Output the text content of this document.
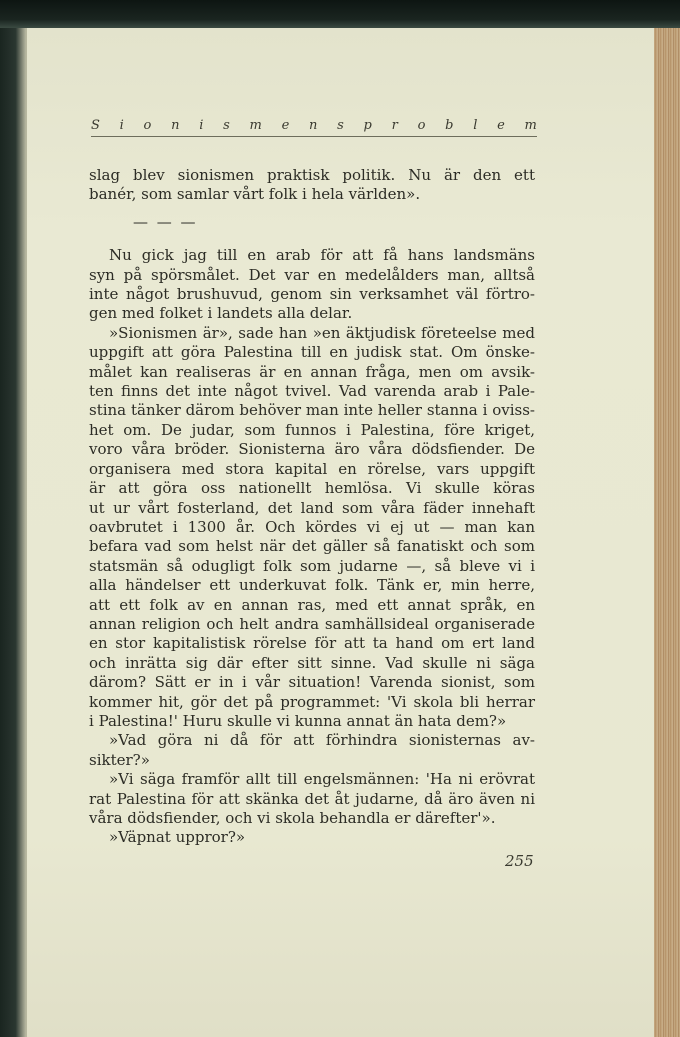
S i o n i s m e n s p r o b l e m
slag blev sionismen praktisk politik. Nu är den ett
banér, som samlar vårt folk i hela världen».
— — —
Nu gick jag till en arab för att få hans landsmäns
syn på spörsmålet. Det var en medelålders man, alltså
inte något brushuvud, genom sin verksamhet väl förtro-
gen med folket i landets alla delar.
»Sionismen är», sade han »en äktjudisk företeelse med
uppgift att göra Palestina till en judisk stat. Om önske-
målet kan realiseras är en annan fråga, men om avsik-
ten finns det inte något tvivel. Vad varenda arab i Pale-
stina tänker därom behöver man inte heller stanna i oviss-
het om. De judar, som funnos i Palestina, före kriget,
voro våra bröder. Sionisterna äro våra dödsfiender. De
organisera med stora kapital en rörelse, vars uppgift
är att göra oss nationellt hemlösa. Vi skulle köras
ut ur vårt fosterland, det land som våra fäder innehaft
oavbrutet i 1300 år. Och kördes vi ej ut — man kan
befara vad som helst när det gäller så fanatiskt och som
statsmän så odugligt folk som judarne —, så bleve vi i
alla händelser ett underkuvat folk. Tänk er, min herre,
att ett folk av en annan ras, med ett annat språk, en
annan religion och helt andra samhällsideal organiserade
en stor kapitalistisk rörelse för att ta hand om ert land
och inrätta sig där efter sitt sinne. Vad skulle ni säga
därom? Sätt er in i vår situation! Varenda sionist, som
kommer hit, gör det på programmet: 'Vi skola bli herrar
i Palestina!' Huru skulle vi kunna annat än hata dem?»
»Vad göra ni då för att förhindra sionisternas av-
sikter?»
»Vi säga framför allt till engelsmännen: 'Ha ni erövrat
rat Palestina för att skänka det åt judarne, då äro även ni
våra dödsfiender, och vi skola behandla er därefter'».
»Väpnat uppror?»
255
